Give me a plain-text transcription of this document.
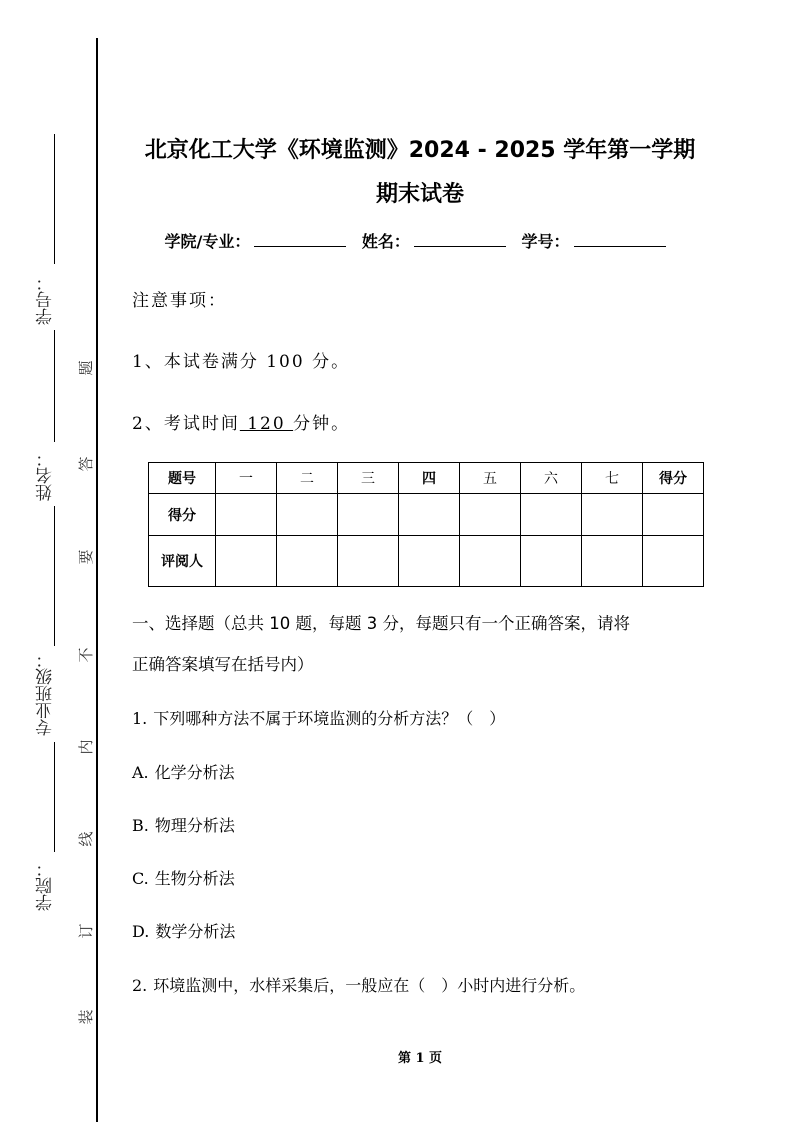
学号：
姓名：
专业班级：
学院：
题
答
要
不
内
线
订
装
北京化工大学《环境监测》2024 - 2025 学年第一学期
期末试卷
学院/专业：	姓名：	学号：
注意事项：
1、本试卷满分 100 分。
2、考试时间 120 分钟。
题号	一	二	三	四	五	六	七	得分
得分								
评阅人								
一、选择题（总共 10 题，每题 3 分，每题只有一个正确答案，请将
正确答案填写在括号内）
1. 下列哪种方法不属于环境监测的分析方法？（　）
A. 化学分析法
B. 物理分析法
C. 生物分析法
D. 数学分析法
2. 环境监测中，水样采集后，一般应在（　）小时内进行分析。
第 1 页
